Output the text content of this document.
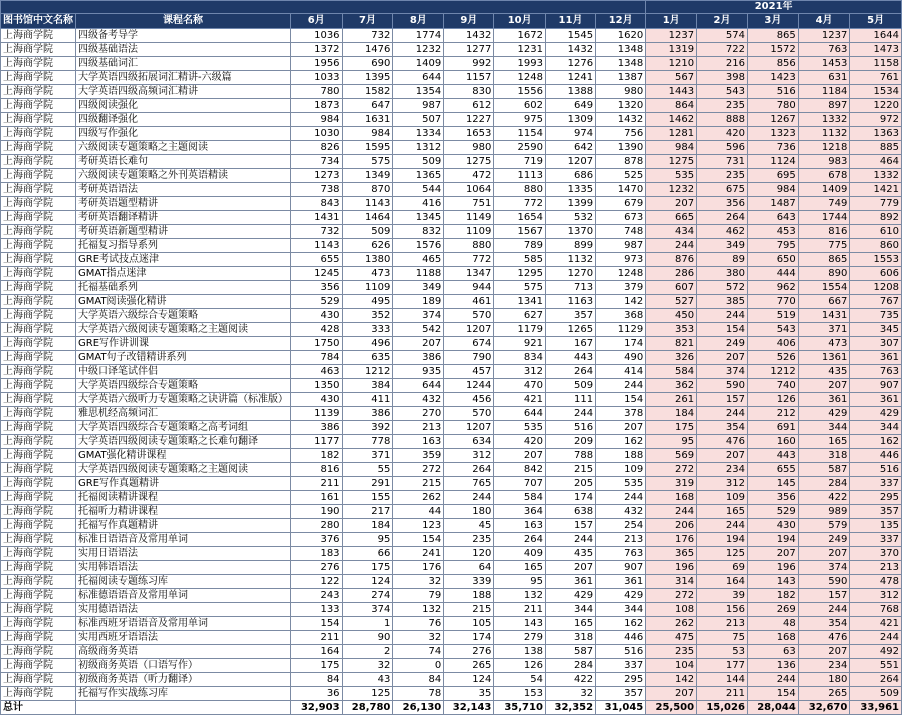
									2021年				
图书馆中文名称	课程名称	6月	7月	8月	9月	10月	11月	12月	1月	2月	3月	4月	5月
上海商学院	四级备考导学	1036	732	1774	1432	1672	1545	1620	1237	574	865	1237	1644
上海商学院	四级基础语法	1372	1476	1232	1277	1231	1432	1348	1319	722	1572	763	1473
上海商学院	四级基础词汇	1956	690	1409	992	1993	1276	1348	1210	216	856	1453	1158
上海商学院	大学英语四级拓展词汇精讲-六级篇	1033	1395	644	1157	1248	1241	1387	567	398	1423	631	761
上海商学院	大学英语四级高频词汇精讲	780	1582	1354	830	1556	1388	980	1443	543	516	1184	1534
上海商学院	四级阅读强化	1873	647	987	612	602	649	1320	864	235	780	897	1220
上海商学院	四级翻译强化	984	1631	507	1227	975	1309	1432	1462	888	1267	1332	972
上海商学院	四级写作强化	1030	984	1334	1653	1154	974	756	1281	420	1323	1132	1363
上海商学院	六级阅读专题策略之主题阅读	826	1595	1312	980	2590	642	1390	984	596	736	1218	885
上海商学院	考研英语长难句	734	575	509	1275	719	1207	878	1275	731	1124	983	464
上海商学院	六级阅读专题策略之外刊英语精读	1273	1349	1365	472	1113	686	525	535	235	695	678	1332
上海商学院	考研英语语法	738	870	544	1064	880	1335	1470	1232	675	984	1409	1421
上海商学院	考研英语题型精讲	843	1143	416	751	772	1399	679	207	356	1487	749	779
上海商学院	考研英语翻译精讲	1431	1464	1345	1149	1654	532	673	665	264	643	1744	892
上海商学院	考研英语新题型精讲	732	509	832	1109	1567	1370	748	434	462	453	816	610
上海商学院	托福复习指导系列	1143	626	1576	880	789	899	987	244	349	795	775	860
上海商学院	GRE考试技点迷津	655	1380	465	772	585	1132	973	876	89	650	865	1553
上海商学院	GMAT指点迷津	1245	473	1188	1347	1295	1270	1248	286	380	444	890	606
上海商学院	托福基础系列	356	1109	349	944	575	713	379	607	572	962	1554	1208
上海商学院	GMAT阅读强化精讲	529	495	189	461	1341	1163	142	527	385	770	667	767
上海商学院	大学英语六级综合专题策略	430	352	374	570	627	357	368	450	244	519	1431	735
上海商学院	大学英语六级阅读专题策略之主题阅读	428	333	542	1207	1179	1265	1129	353	154	543	371	345
上海商学院	GRE写作讲训课	1750	496	207	674	921	167	174	821	249	406	473	307
上海商学院	GMAT句子改错精讲系列	784	635	386	790	834	443	490	326	207	526	1361	361
上海商学院	中级口译笔试伴侣	463	1212	935	457	312	264	414	584	374	1212	435	763
上海商学院	大学英语四级综合专题策略	1350	384	644	1244	470	509	244	362	590	740	207	907
上海商学院	大学英语六级听力专题策略之诀讲篇（标准版）	430	411	432	456	421	111	154	261	157	126	361	361
上海商学院	雅思机经高频词汇	1139	386	270	570	644	244	378	184	244	212	429	429
上海商学院	大学英语四级综合专题策略之高考词组	386	392	213	1207	535	516	207	175	354	691	344	344
上海商学院	大学英语四级阅读专题策略之长难句翻译	1177	778	163	634	420	209	162	95	476	160	165	162
上海商学院	GMAT强化精讲课程	182	371	359	312	207	788	188	569	207	443	318	446
上海商学院	大学英语四级阅读专题策略之主题阅读	816	55	272	264	842	215	109	272	234	655	587	516
上海商学院	GRE写作真题精讲	211	291	215	765	707	205	535	319	312	145	284	337
上海商学院	托福阅读精讲课程	161	155	262	244	584	174	244	168	109	356	422	295
上海商学院	托福听力精讲课程	190	217	44	180	364	638	432	244	165	529	989	357
上海商学院	托福写作真题精讲	280	184	123	45	163	157	254	206	244	430	579	135
上海商学院	标准日语语音及常用单词	376	95	154	235	264	244	213	176	194	194	249	337
上海商学院	实用日语语法	183	66	241	120	409	435	763	365	125	207	207	370
上海商学院	实用韩语语法	276	175	176	64	165	207	907	196	69	196	374	213
上海商学院	托福阅读专题练习库	122	124	32	339	95	361	361	314	164	143	590	478
上海商学院	标准德语语音及常用单词	243	274	79	188	132	429	429	272	39	182	157	312
上海商学院	实用德语语法	133	374	132	215	211	344	344	108	156	269	244	768
上海商学院	标准西班牙语语音及常用单词	154	1	76	105	143	165	162	262	213	48	354	421
上海商学院	实用西班牙语语法	211	90	32	174	279	318	446	475	75	168	476	244
上海商学院	高级商务英语	164	2	74	276	138	587	516	235	53	63	207	492
上海商学院	初级商务英语（口语写作）	175	32	0	265	126	284	337	104	177	136	234	551
上海商学院	初级商务英语（听力翻译）	84	43	84	124	54	422	295	142	144	244	180	264
上海商学院	托福写作实战练习库	36	125	78	35	153	32	357	207	211	154	265	509
总计		32,903	28,780	26,130	32,143	35,710	32,352	31,045	25,500	15,026	28,044	32,670	33,961
